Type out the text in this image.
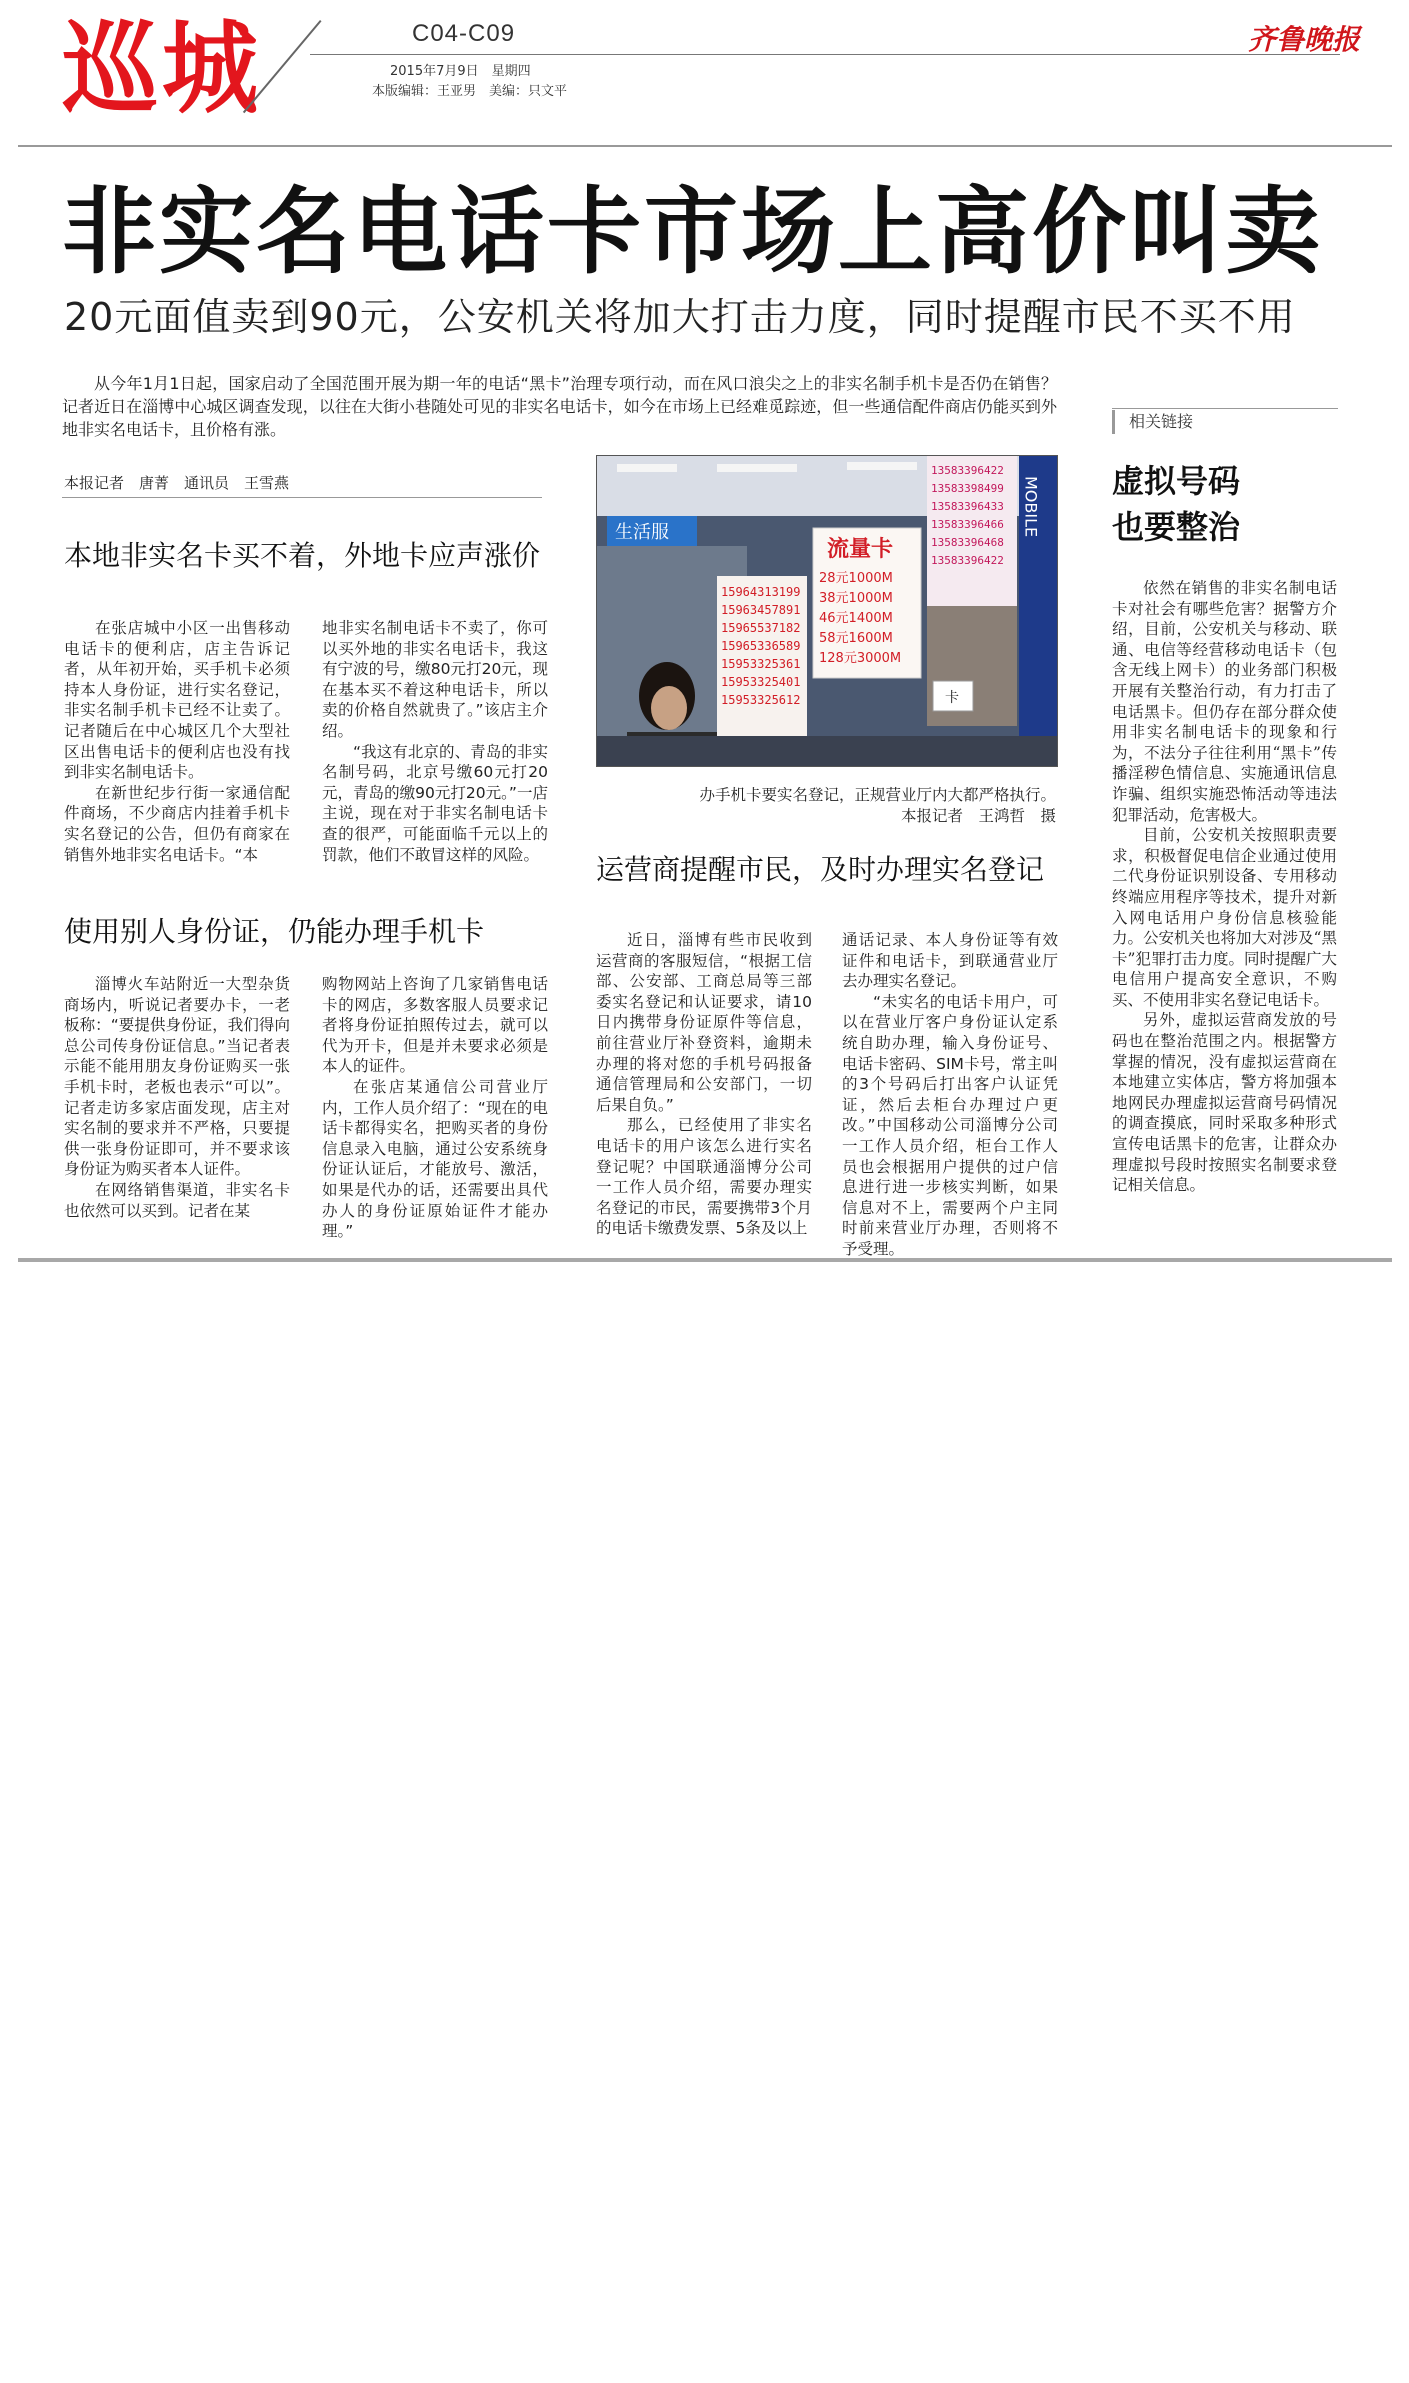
巡城	C04-C09
2015年7月9日　星期四
本版编辑：王亚男　美编：只文平
齐鲁晚报
非实名电话卡市场上高价叫卖
20元面值卖到90元，公安机关将加大打击力度，同时提醒市民不买不用
从今年1月1日起，国家启动了全国范围开展为期一年的电话“黑卡”治理专项行动，而在风口浪尖之上的非实名制手机卡是否仍在销售？记者近日在淄博中心城区调查发现，以往在大街小巷随处可见的非实名电话卡，如今在市场上已经难觅踪迹，但一些通信配件商店仍能买到外地非实名电话卡，且价格有涨。
本报记者　唐菁　通讯员　王雪燕
本地非实名卡买不着，外地卡应声涨价

在张店城中小区一出售移动电话卡的便利店，店主告诉记者，从年初开始，买手机卡必须持本人身份证，进行实名登记，非实名制手机卡已经不让卖了。记者随后在中心城区几个大型社区出售电话卡的便利店也没有找到非实名制电话卡。

在新世纪步行街一家通信配件商场，不少商店内挂着手机卡实名登记的公告，但仍有商家在销售外地非实名电话卡。“本

地非实名制电话卡不卖了，你可以买外地的非实名电话卡，我这有宁波的号，缴80元打20元，现在基本买不着这种电话卡，所以卖的价格自然就贵了。”该店主介绍。

“我这有北京的、青岛的非实名制号码，北京号缴60元打20元，青岛的缴90元打20元。”一店主说，现在对于非实名制电话卡查的很严，可能面临千元以上的罚款，他们不敢冒这样的风险。

使用别人身份证，仍能办理手机卡

淄博火车站附近一大型杂货商场内，听说记者要办卡，一老板称：“要提供身份证，我们得向总公司传身份证信息。”当记者表示能不能用朋友身份证购买一张手机卡时，老板也表示“可以”。记者走访多家店面发现，店主对实名制的要求并不严格，只要提供一张身份证即可，并不要求该身份证为购买者本人证件。

在网络销售渠道，非实名卡也依然可以买到。记者在某

购物网站上咨询了几家销售电话卡的网店，多数客服人员要求记者将身份证拍照传过去，就可以代为开卡，但是并未要求必须是本人的证件。

在张店某通信公司营业厅内，工作人员介绍了：“现在的电话卡都得实名，把购买者的身份信息录入电脑，通过公安系统身份证认证后，才能放号、激活，如果是代办的话，还需要出具代办人的身份证原始证件才能办理。”

生活服
15964313199
15963457891
15965537182
15965336589
15953325361
15953325401
15953325612
流量卡
28元1000M
38元1000M
46元1400M
58元1600M
128元3000M
13583396422
13583398499
13583396433
13583396466
13583396468
13583396422
MOBILE
卡
办手机卡要实名登记，正规营业厅内大都严格执行。
本报记者　王鸿哲　摄
运营商提醒市民，及时办理实名登记

近日，淄博有些市民收到运营商的客服短信，“根据工信部、公安部、工商总局等三部委实名登记和认证要求，请10日内携带身份证原件等信息，前往营业厅补登资料，逾期未办理的将对您的手机号码报备通信管理局和公安部门，一切后果自负。”

那么，已经使用了非实名电话卡的用户该怎么进行实名登记呢？中国联通淄博分公司一工作人员介绍，需要办理实名登记的市民，需要携带3个月的电话卡缴费发票、5条及以上

通话记录、本人身份证等有效证件和电话卡，到联通营业厅去办理实名登记。

“未实名的电话卡用户，可以在营业厅客户身份证认定系统自助办理，输入身份证号、电话卡密码、SIM卡号，常主叫的3个号码后打出客户认证凭证，然后去柜台办理过户更改。”中国移动公司淄博分公司一工作人员介绍，柜台工作人员也会根据用户提供的过户信息进行进一步核实判断，如果信息对不上，需要两个户主同时前来营业厅办理，否则将不予受理。

相关链接
虚拟号码
也要整治

依然在销售的非实名制电话卡对社会有哪些危害？据警方介绍，目前，公安机关与移动、联通、电信等经营移动电话卡（包含无线上网卡）的业务部门积极开展有关整治行动，有力打击了电话黑卡。但仍存在部分群众使用非实名制电话卡的现象和行为，不法分子往往利用“黑卡”传播淫秽色情信息、实施通讯信息诈骗、组织实施恐怖活动等违法犯罪活动，危害极大。

目前，公安机关按照职责要求，积极督促电信企业通过使用二代身份证识别设备、专用移动终端应用程序等技术，提升对新入网电话用户身份信息核验能力。公安机关也将加大对涉及“黑卡”犯罪打击力度。同时提醒广大电信用户提高安全意识，不购买、不使用非实名登记电话卡。

另外，虚拟运营商发放的号码也在整治范围之内。根据警方掌握的情况，没有虚拟运营商在本地建立实体店，警方将加强本地网民办理虚拟运营商号码情况的调查摸底，同时采取多种形式宣传电话黑卡的危害，让群众办理虚拟号段时按照实名制要求登记相关信息。
